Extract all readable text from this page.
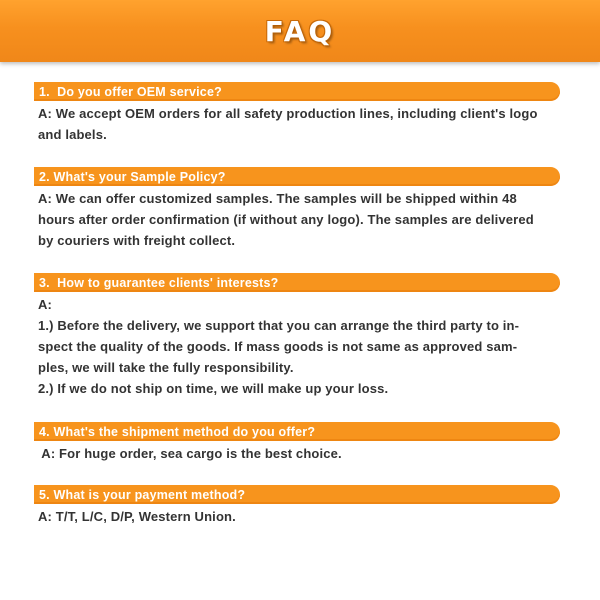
FAQ
1.  Do you offer OEM service?
A: We accept OEM orders for all safety production lines, including client's logo
and labels.
2. What's your Sample Policy?
A: We can offer customized samples. The samples will be shipped within 48
hours after order confirmation (if without any logo). The samples are delivered
by couriers with freight collect.
3.  How to guarantee clients' interests?
A:
1.) Before the delivery, we support that you can arrange the third party to in-
spect the quality of the goods. If mass goods is not same as approved sam-
ples, we will take the fully responsibility.
2.) If we do not ship on time, we will make up your loss.
4. What's the shipment method do you offer?
A: For huge order, sea cargo is the best choice.
5. What is your payment method?
A: T/T, L/C, D/P, Western Union.
